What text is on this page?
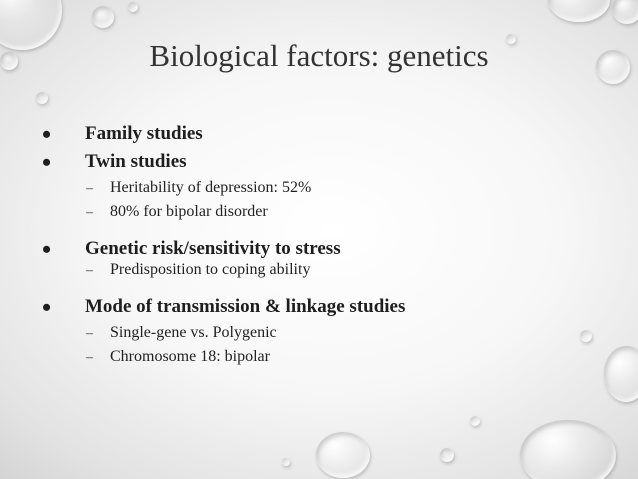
Biological factors: genetics
•	Family studies
•	Twin studies
–	Heritability of depression: 52%
–	80% for bipolar disorder
•	Genetic risk/sensitivity to stress
–	Predisposition to coping ability
•	Mode of transmission & linkage studies
–	Single-gene vs. Polygenic
–	Chromosome 18: bipolar
